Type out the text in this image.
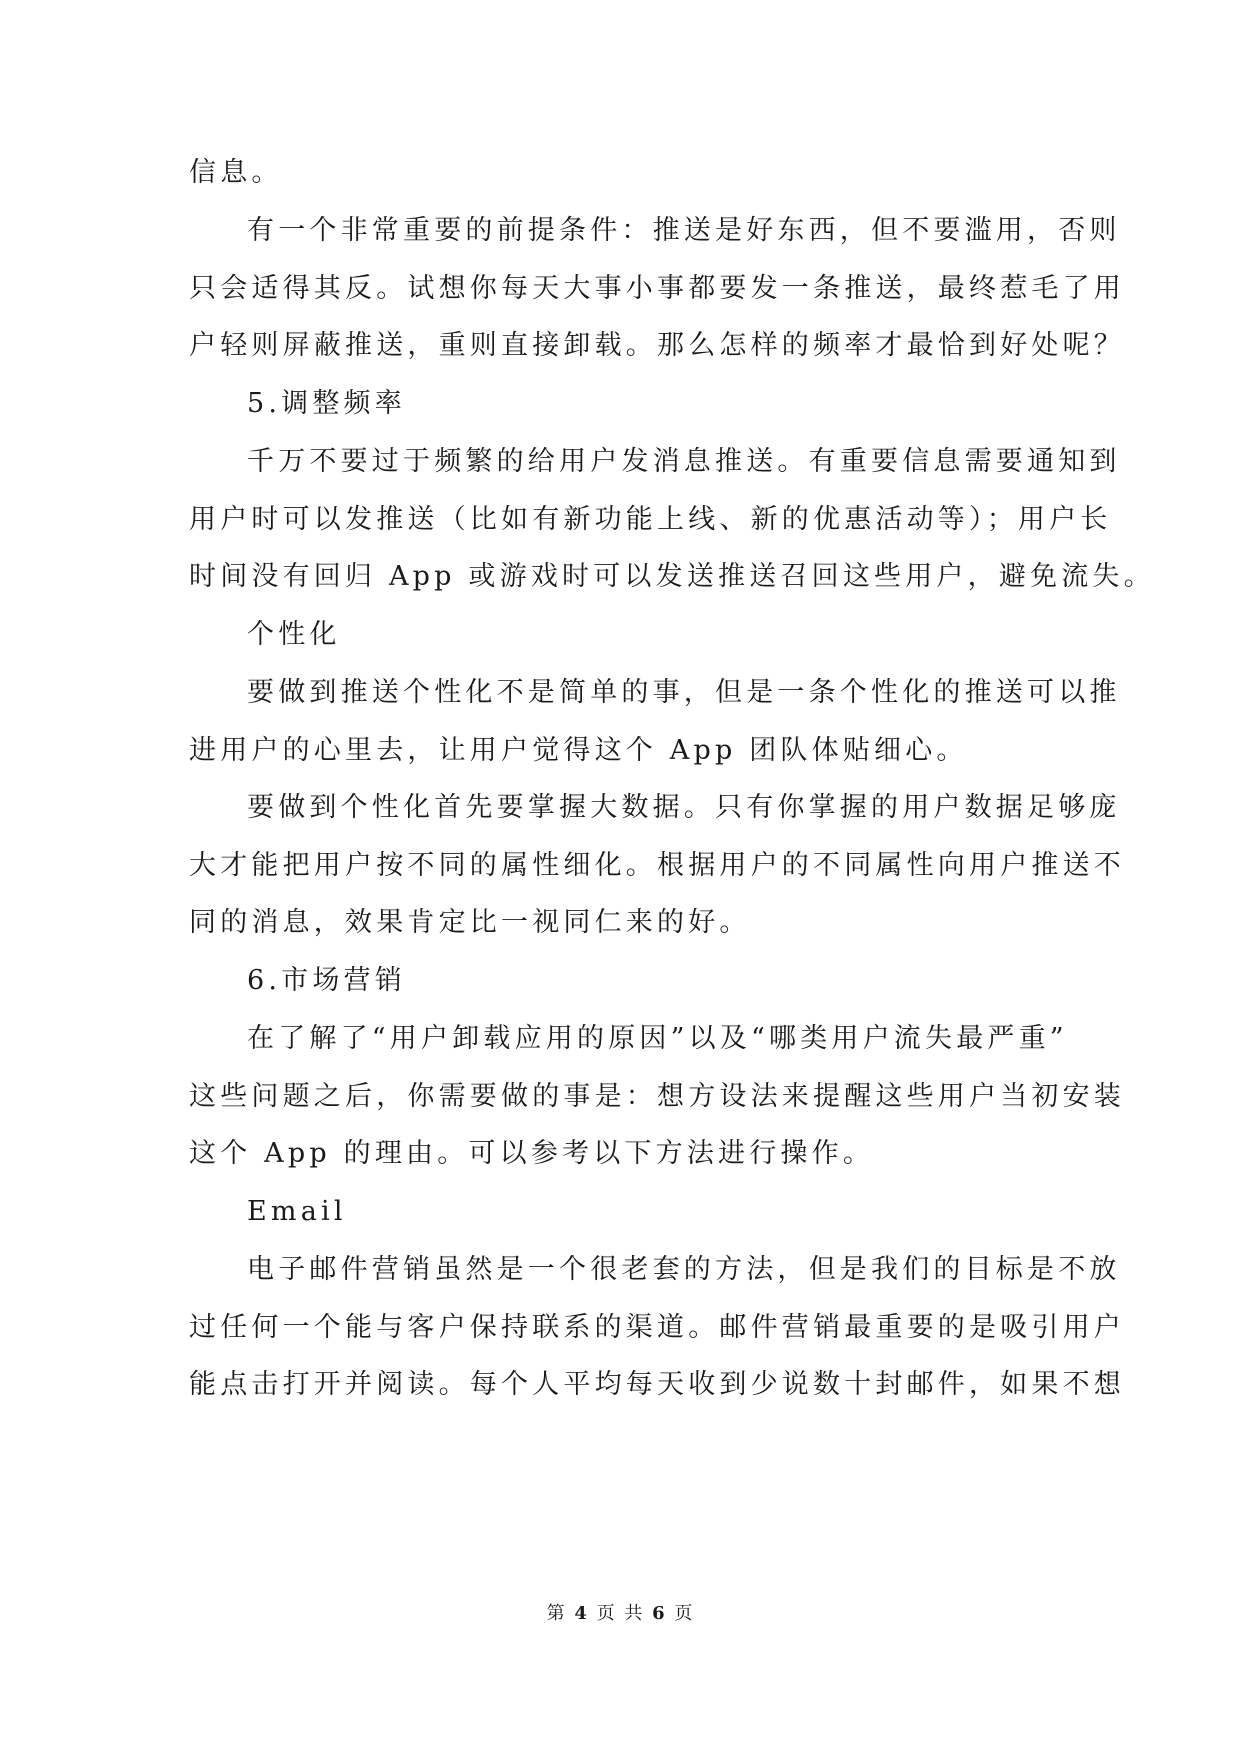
信息。
有一个非常重要的前提条件：推送是好东西，但不要滥用，否则
只会适得其反。试想你每天大事小事都要发一条推送，最终惹毛了用
户轻则屏蔽推送，重则直接卸载。那么怎样的频率才最恰到好处呢？
5.调整频率
千万不要过于频繁的给用户发消息推送。有重要信息需要通知到
用户时可以发推送（比如有新功能上线、新的优惠活动等）；用户长
时间没有回归 App 或游戏时可以发送推送召回这些用户，避免流失。
个性化
要做到推送个性化不是简单的事，但是一条个性化的推送可以推
进用户的心里去，让用户觉得这个 App 团队体贴细心。
要做到个性化首先要掌握大数据。只有你掌握的用户数据足够庞
大才能把用户按不同的属性细化。根据用户的不同属性向用户推送不
同的消息，效果肯定比一视同仁来的好。
6.市场营销
在了解了“用户卸载应用的原因”以及“哪类用户流失最严重”
这些问题之后，你需要做的事是：想方设法来提醒这些用户当初安装
这个 App 的理由。可以参考以下方法进行操作。
Email
电子邮件营销虽然是一个很老套的方法，但是我们的目标是不放
过任何一个能与客户保持联系的渠道。邮件营销最重要的是吸引用户
能点击打开并阅读。每个人平均每天收到少说数十封邮件，如果不想
第 4 页 共 6 页
